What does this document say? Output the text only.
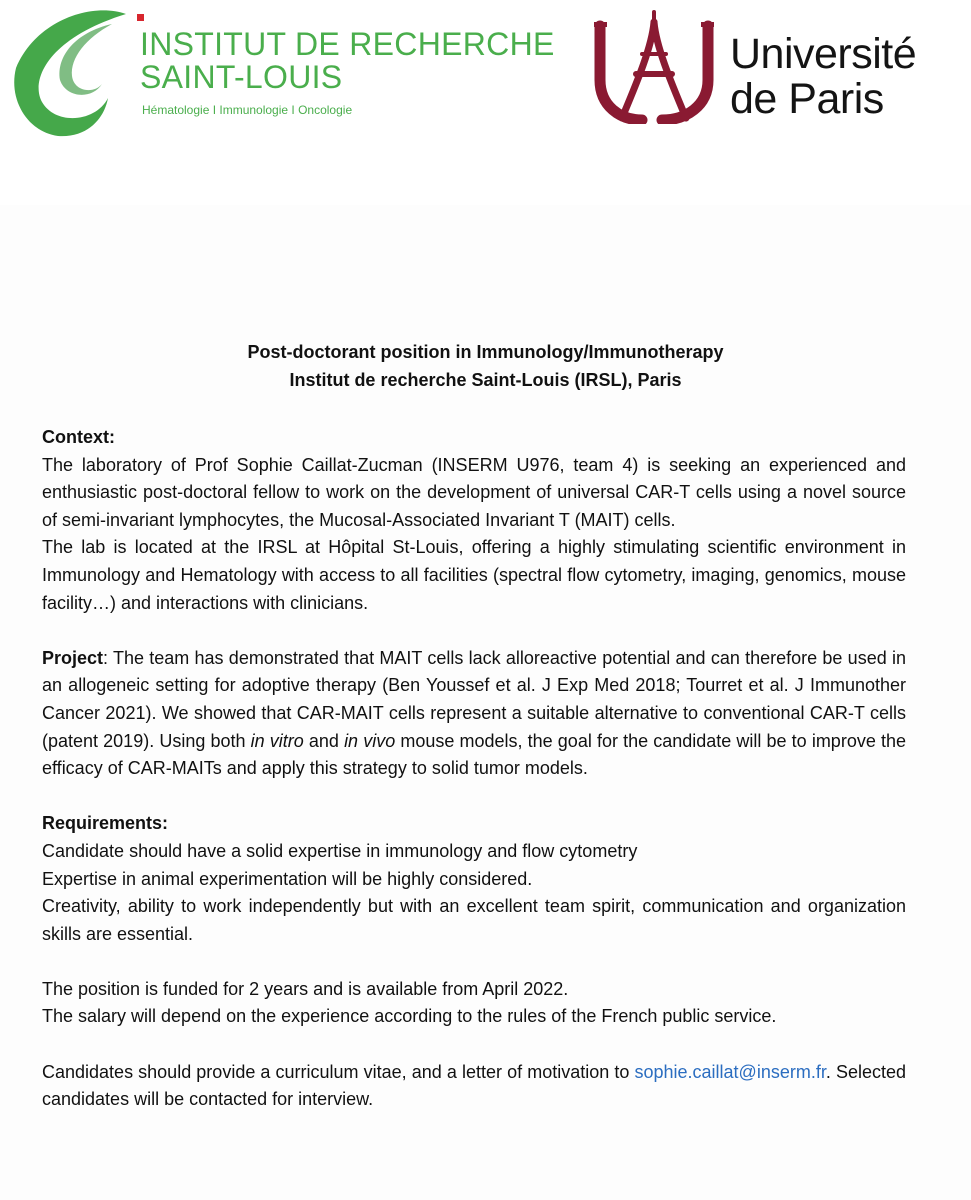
INSTITUT DE RECHERCHE
SAINT-LOUIS
Hématologie I Immunologie I Oncologie
Université
de Paris
Post-doctorant position in Immunology/Immunotherapy
Institut de recherche Saint-Louis (IRSL), Paris

Context:

The laboratory of Prof Sophie Caillat-Zucman (INSERM U976, team 4) is seeking an experienced and enthusiastic post-doctoral fellow to work on the development of universal CAR-T cells using a novel source of semi-invariant lymphocytes, the Mucosal-Associated Invariant T (MAIT) cells.

The lab is located at the IRSL at Hôpital St-Louis, offering a highly stimulating scientific environment in Immunology and Hematology with access to all facilities (spectral flow cytometry, imaging, genomics, mouse facility…) and interactions with clinicians.

Project: The team has demonstrated that MAIT cells lack alloreactive potential and can therefore be used in an allogeneic setting for adoptive therapy (Ben Youssef et al. J Exp Med 2018; Tourret et al. J Immunother Cancer 2021). We showed that CAR-MAIT cells represent a suitable alternative to conventional CAR-T cells (patent 2019). Using both in vitro and in vivo mouse models, the goal for the candidate will be to improve the efficacy of CAR-MAITs and apply this strategy to solid tumor models.

Requirements:

Candidate should have a solid expertise in immunology and flow cytometry

Expertise in animal experimentation will be highly considered.

Creativity, ability to work independently but with an excellent team spirit, communication and organization skills are essential.

The position is funded for 2 years and is available from April 2022.

The salary will depend on the experience according to the rules of the French public service.

Candidates should provide a curriculum vitae, and a letter of motivation to sophie.caillat@inserm.fr. Selected candidates will be contacted for interview.
